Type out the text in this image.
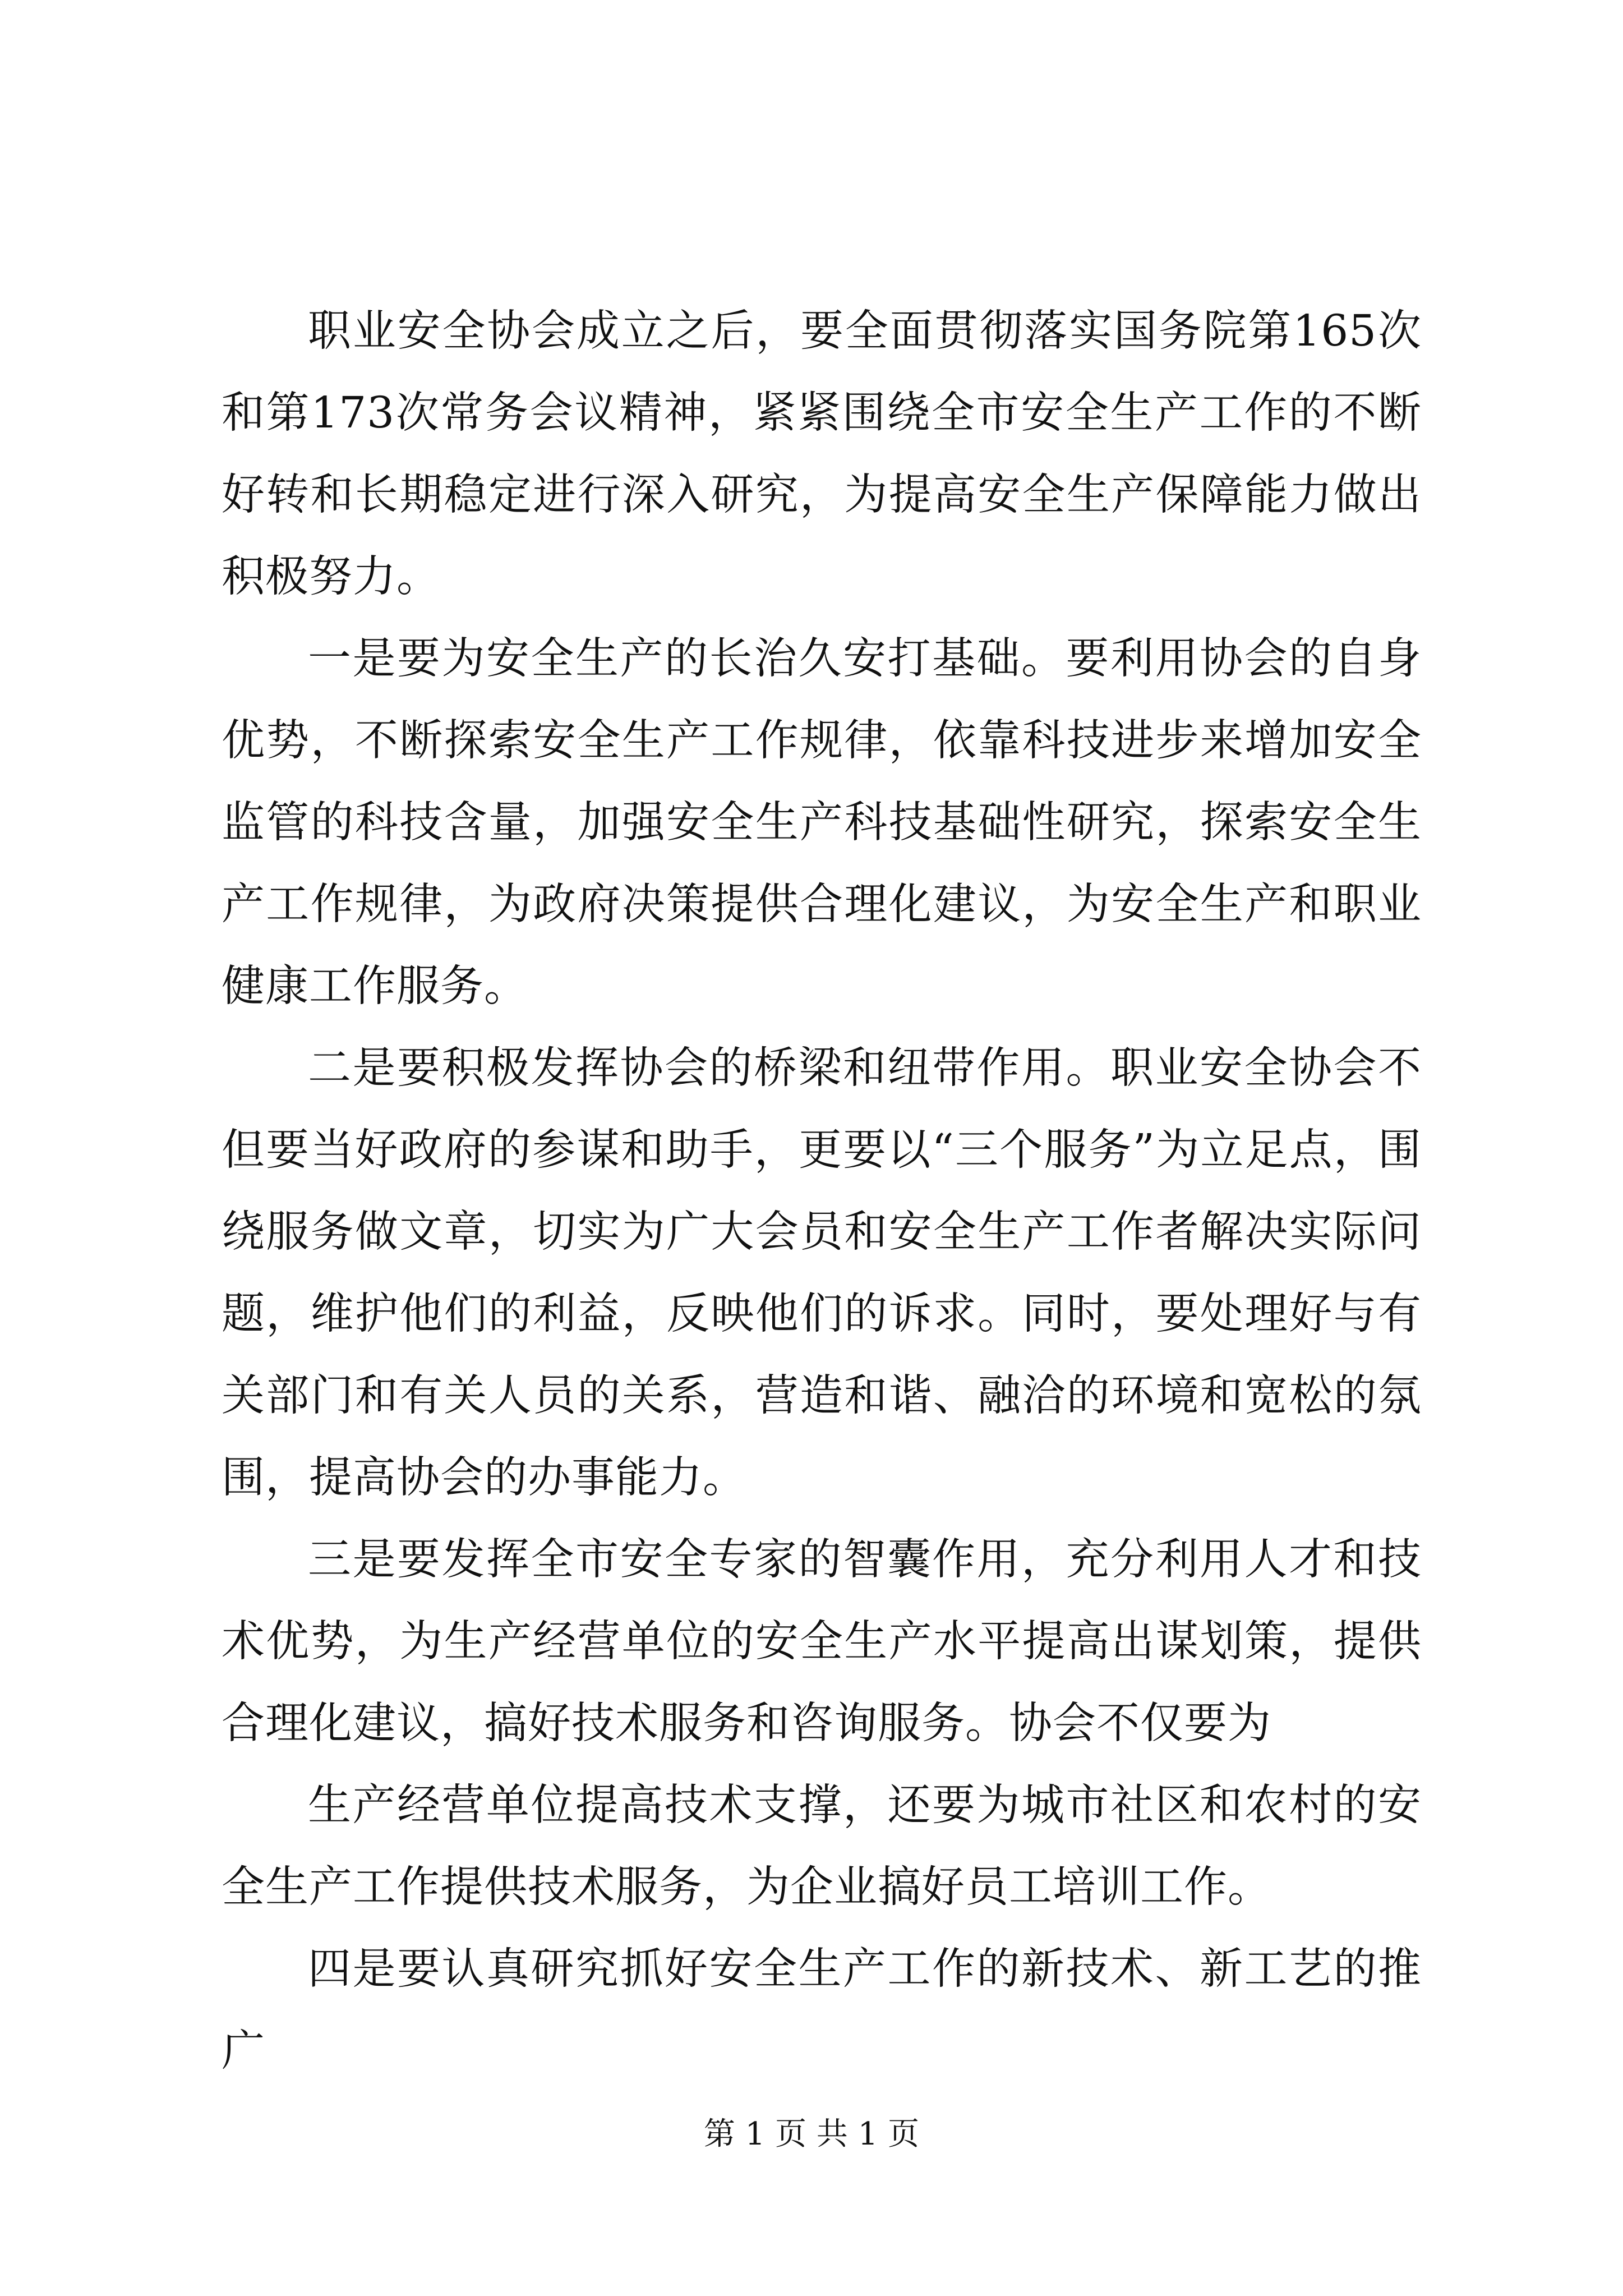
职业安全协会成立之后，要全面贯彻落实国务院第165次和第173次常务会议精神，紧紧围绕全市安全生产工作的不断好转和长期稳定进行深入研究，为提高安全生产保障能力做出积极努力。

一是要为安全生产的长治久安打基础。要利用协会的自身优势，不断探索安全生产工作规律，依靠科技进步来增加安全监管的科技含量，加强安全生产科技基础性研究，探索安全生产工作规律，为政府决策提供合理化建议，为安全生产和职业健康工作服务。

二是要积极发挥协会的桥梁和纽带作用。职业安全协会不但要当好政府的参谋和助手，更要以“三个服务”为立足点，围绕服务做文章，切实为广大会员和安全生产工作者解决实际问题，维护他们的利益，反映他们的诉求。同时，要处理好与有关部门和有关人员的关系，营造和谐、融洽的环境和宽松的氛围，提高协会的办事能力。

三是要发挥全市安全专家的智囊作用，充分利用人才和技术优势，为生产经营单位的安全生产水平提高出谋划策，提供合理化建议，搞好技术服务和咨询服务。协会不仅要为

生产经营单位提高技术支撑，还要为城市社区和农村的安全生产工作提供技术服务，为企业搞好员工培训工作。

四是要认真研究抓好安全生产工作的新技术、新工艺的推广

第 1 页 共 1 页
